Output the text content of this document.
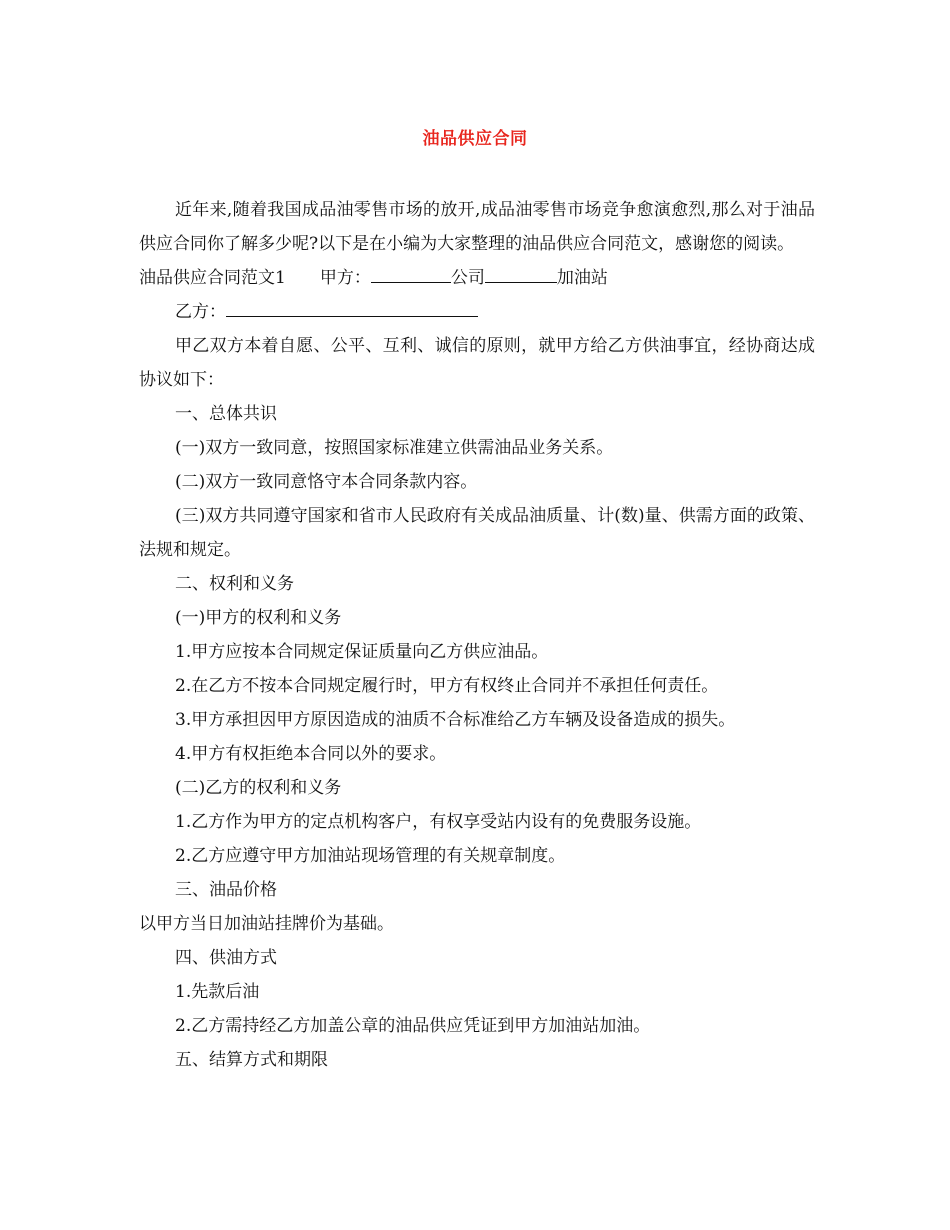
油品供应合同

近年来,随着我国成品油零售市场的放开,成品油零售市场竞争愈演愈烈,那么对于油品供应合同你了解多少呢?以下是在小编为大家整理的油品供应合同范文，感谢您的阅读。

油品供应合同范文1 甲方：	公司	加油站

乙方：

甲乙双方本着自愿、公平、互利、诚信的原则，就甲方给乙方供油事宜，经协商达成协议如下：

一、总体共识

(一)双方一致同意，按照国家标准建立供需油品业务关系。

(二)双方一致同意恪守本合同条款内容。

(三)双方共同遵守国家和省市人民政府有关成品油质量、计(数)量、供需方面的政策、法规和规定。

二、权利和义务

(一)甲方的权利和义务

1.甲方应按本合同规定保证质量向乙方供应油品。

2.在乙方不按本合同规定履行时，甲方有权终止合同并不承担任何责任。

3.甲方承担因甲方原因造成的油质不合标准给乙方车辆及设备造成的损失。

4.甲方有权拒绝本合同以外的要求。

(二)乙方的权利和义务

1.乙方作为甲方的定点机构客户，有权享受站内设有的免费服务设施。

2.乙方应遵守甲方加油站现场管理的有关规章制度。

三、油品价格

以甲方当日加油站挂牌价为基础。

四、供油方式

1.先款后油

2.乙方需持经乙方加盖公章的油品供应凭证到甲方加油站加油。

五、结算方式和期限
